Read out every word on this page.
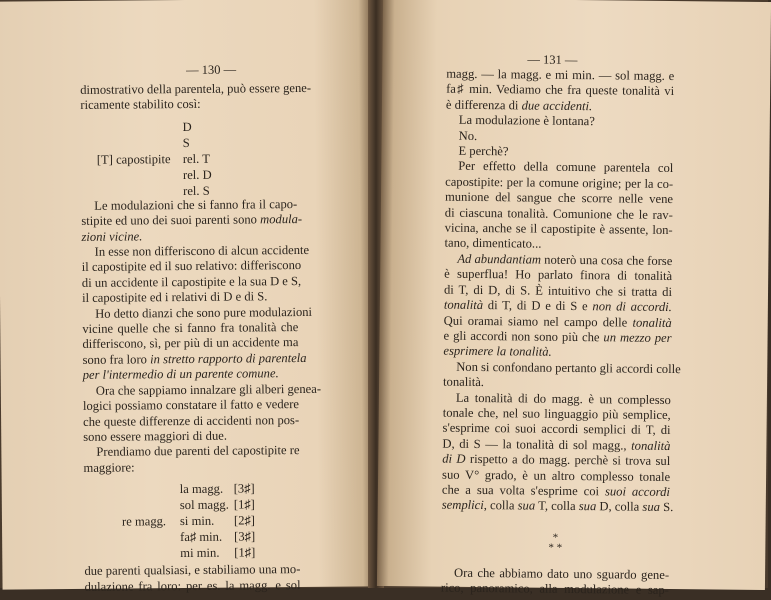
— 130 —
dimostrativo della parentela, può essere gene-
ricamente stabilito così:
D
S
[T] capostipite rel. T
rel. D
rel. S
Le modulazioni che si fanno fra il capo-
stipite ed uno dei suoi parenti sono modula-
zioni vicine.
In esse non differiscono di alcun accidente
il capostipite ed il suo relativo: differiscono
di un accidente il capostipite e la sua D e S,
il capostipite ed i relativi di D e di S.
Ho detto dianzi che sono pure modulazioni
vicine quelle che si fanno fra tonalità che
differiscono, sì, per più di un accidente ma
sono fra loro in stretto rapporto di parentela
per l'intermedio di un parente comune.
Ora che sappiamo innalzare gli alberi genea-
logici possiamo constatare il fatto e vedere
che queste differenze di accidenti non pos-
sono essere maggiori di due.
Prendiamo due parenti del capostipite re
maggiore:
re magg.
la magg. [3♯]
sol magg. [1♯]
si min. [2♯]
fa♯ min. [3♯]
mi min. [1♯]
due parenti qualsiasi, e stabiliamo una mo-
dulazione fra loro: per es. la magg. e sol
— 131 —
magg. — la magg. e mi min. — sol magg. e
fa♯ min. Vediamo che fra queste tonalità vi
è differenza di due accidenti.
La modulazione è lontana?
No.
E perchè?
Per effetto della comune parentela col
capostipite: per la comune origine; per la co-
munione del sangue che scorre nelle vene
di ciascuna tonalità. Comunione che le rav-
vicina, anche se il capostipite è assente, lon-
tano, dimenticato...
Ad abundantiam noterò una cosa che forse
è superflua! Ho parlato finora di tonalità
di T, di D, di S. È intuitivo che si tratta di
tonalità di T, di D e di S e non di accordi.
Qui oramai siamo nel campo delle tonalità
e gli accordi non sono più che un mezzo per
esprimere la tonalità.
Non si confondano pertanto gli accordi colle
tonalità.
La tonalità di do magg. è un complesso
tonale che, nel suo linguaggio più semplice,
s'esprime coi suoi accordi semplici di T, di
D, di S — la tonalità di sol magg., tonalità
di D rispetto a do magg. perchè si trova sul
suo V° grado, è un altro complesso tonale
che a sua volta s'esprime coi suoi accordi
semplici, colla sua T, colla sua D, colla sua S.
*
* *
Ora che abbiamo dato uno sguardo gene-
rico, panoramico, alla modulazione e sap-
